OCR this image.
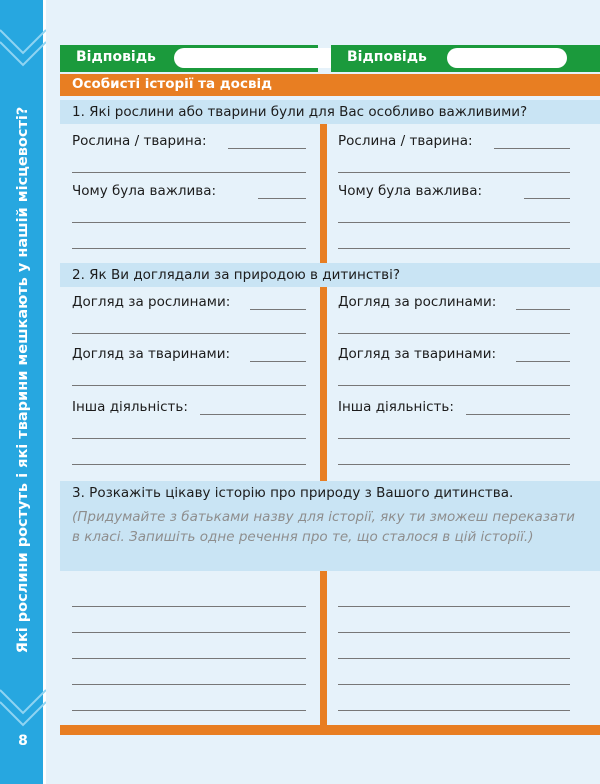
Які рослини ростуть і які тварини мешкають у нашій місцевості?
8
Відповідь	Відповідь
Особисті історії та досвід
1. Які рослини або тварини були для Вас особливо важливими?
2. Як Ви доглядали за природою в дитинстві?
3. Розкажіть цікаву історію про природу з Вашого дитинства.
(Придумайте з батьками назву для історії, яку ти зможеш переказати в класі. Запишіть одне речення про те, що сталося в цій історії.)
Рослина / тварина:
Чому була важлива:
Рослина / тварина:
Чому була важлива:
Догляд за рослинами:
Догляд за тваринами:
Інша діяльність:
Догляд за рослинами:
Догляд за тваринами:
Інша діяльність:
